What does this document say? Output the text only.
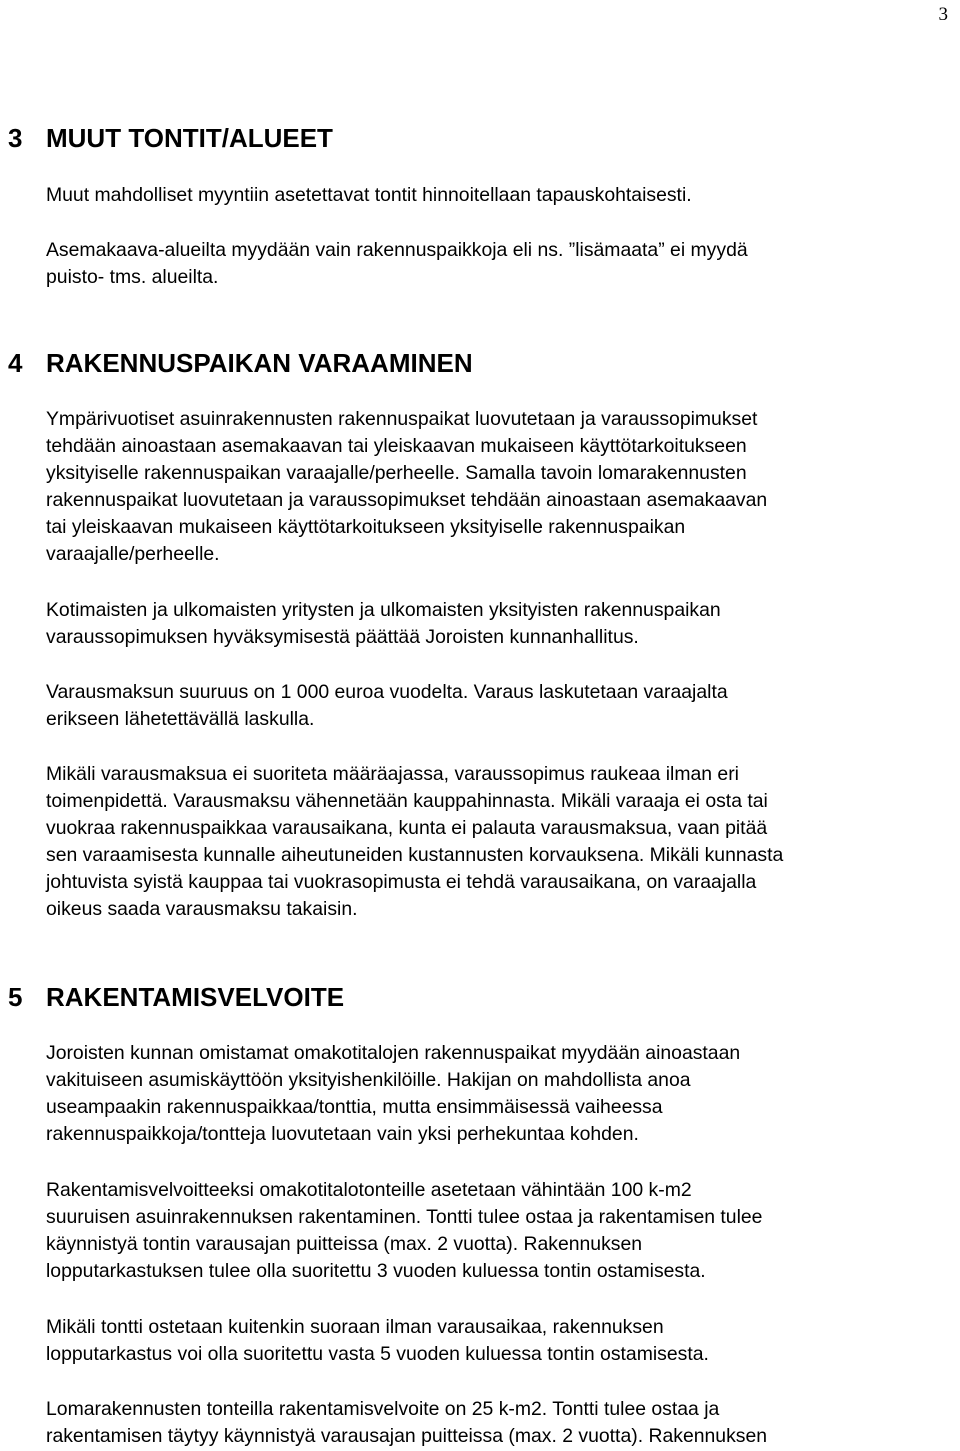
3
3 MUUT TONTIT/ALUEET
Muut mahdolliset myyntiin asetettavat tontit hinnoitellaan tapauskohtaisesti.
Asemakaava-alueilta myydään vain rakennuspaikkoja eli ns. ”lisämaata” ei myydä
puisto- tms. alueilta.
4 RAKENNUSPAIKAN VARAAMINEN
Ympärivuotiset asuinrakennusten rakennuspaikat luovutetaan ja varaussopimukset
tehdään ainoastaan asemakaavan tai yleiskaavan mukaiseen käyttötarkoitukseen
yksityiselle rakennuspaikan varaajalle/perheelle. Samalla tavoin lomarakennusten
rakennuspaikat luovutetaan ja varaussopimukset tehdään ainoastaan asemakaavan
tai yleiskaavan mukaiseen käyttötarkoitukseen yksityiselle rakennuspaikan
varaajalle/perheelle.
Kotimaisten ja ulkomaisten yritysten ja ulkomaisten yksityisten rakennuspaikan
varaussopimuksen hyväksymisestä päättää Joroisten kunnanhallitus.
Varausmaksun suuruus on 1 000 euroa vuodelta. Varaus laskutetaan varaajalta
erikseen lähetettävällä laskulla.
Mikäli varausmaksua ei suoriteta määräajassa, varaussopimus raukeaa ilman eri
toimenpidettä. Varausmaksu vähennetään kauppahinnasta. Mikäli varaaja ei osta tai
vuokraa rakennuspaikkaa varausaikana, kunta ei palauta varausmaksua, vaan pitää
sen varaamisesta kunnalle aiheutuneiden kustannusten korvauksena. Mikäli kunnasta
johtuvista syistä kauppaa tai vuokrasopimusta ei tehdä varausaikana, on varaajalla
oikeus saada varausmaksu takaisin.
5 RAKENTAMISVELVOITE
Joroisten kunnan omistamat omakotitalojen rakennuspaikat myydään ainoastaan
vakituiseen asumiskäyttöön yksityishenkilöille. Hakijan on mahdollista anoa
useampaakin rakennuspaikkaa/tonttia, mutta ensimmäisessä vaiheessa
rakennuspaikkoja/tontteja luovutetaan vain yksi perhekuntaa kohden.
Rakentamisvelvoitteeksi omakotitalotonteille asetetaan vähintään 100 k-m2
suuruisen asuinrakennuksen rakentaminen. Tontti tulee ostaa ja rakentamisen tulee
käynnistyä tontin varausajan puitteissa (max. 2 vuotta). Rakennuksen
lopputarkastuksen tulee olla suoritettu 3 vuoden kuluessa tontin ostamisesta.
Mikäli tontti ostetaan kuitenkin suoraan ilman varausaikaa, rakennuksen
lopputarkastus voi olla suoritettu vasta 5 vuoden kuluessa tontin ostamisesta.
Lomarakennusten tonteilla rakentamisvelvoite on 25 k-m2. Tontti tulee ostaa ja
rakentamisen täytyy käynnistyä varausajan puitteissa (max. 2 vuotta). Rakennuksen
